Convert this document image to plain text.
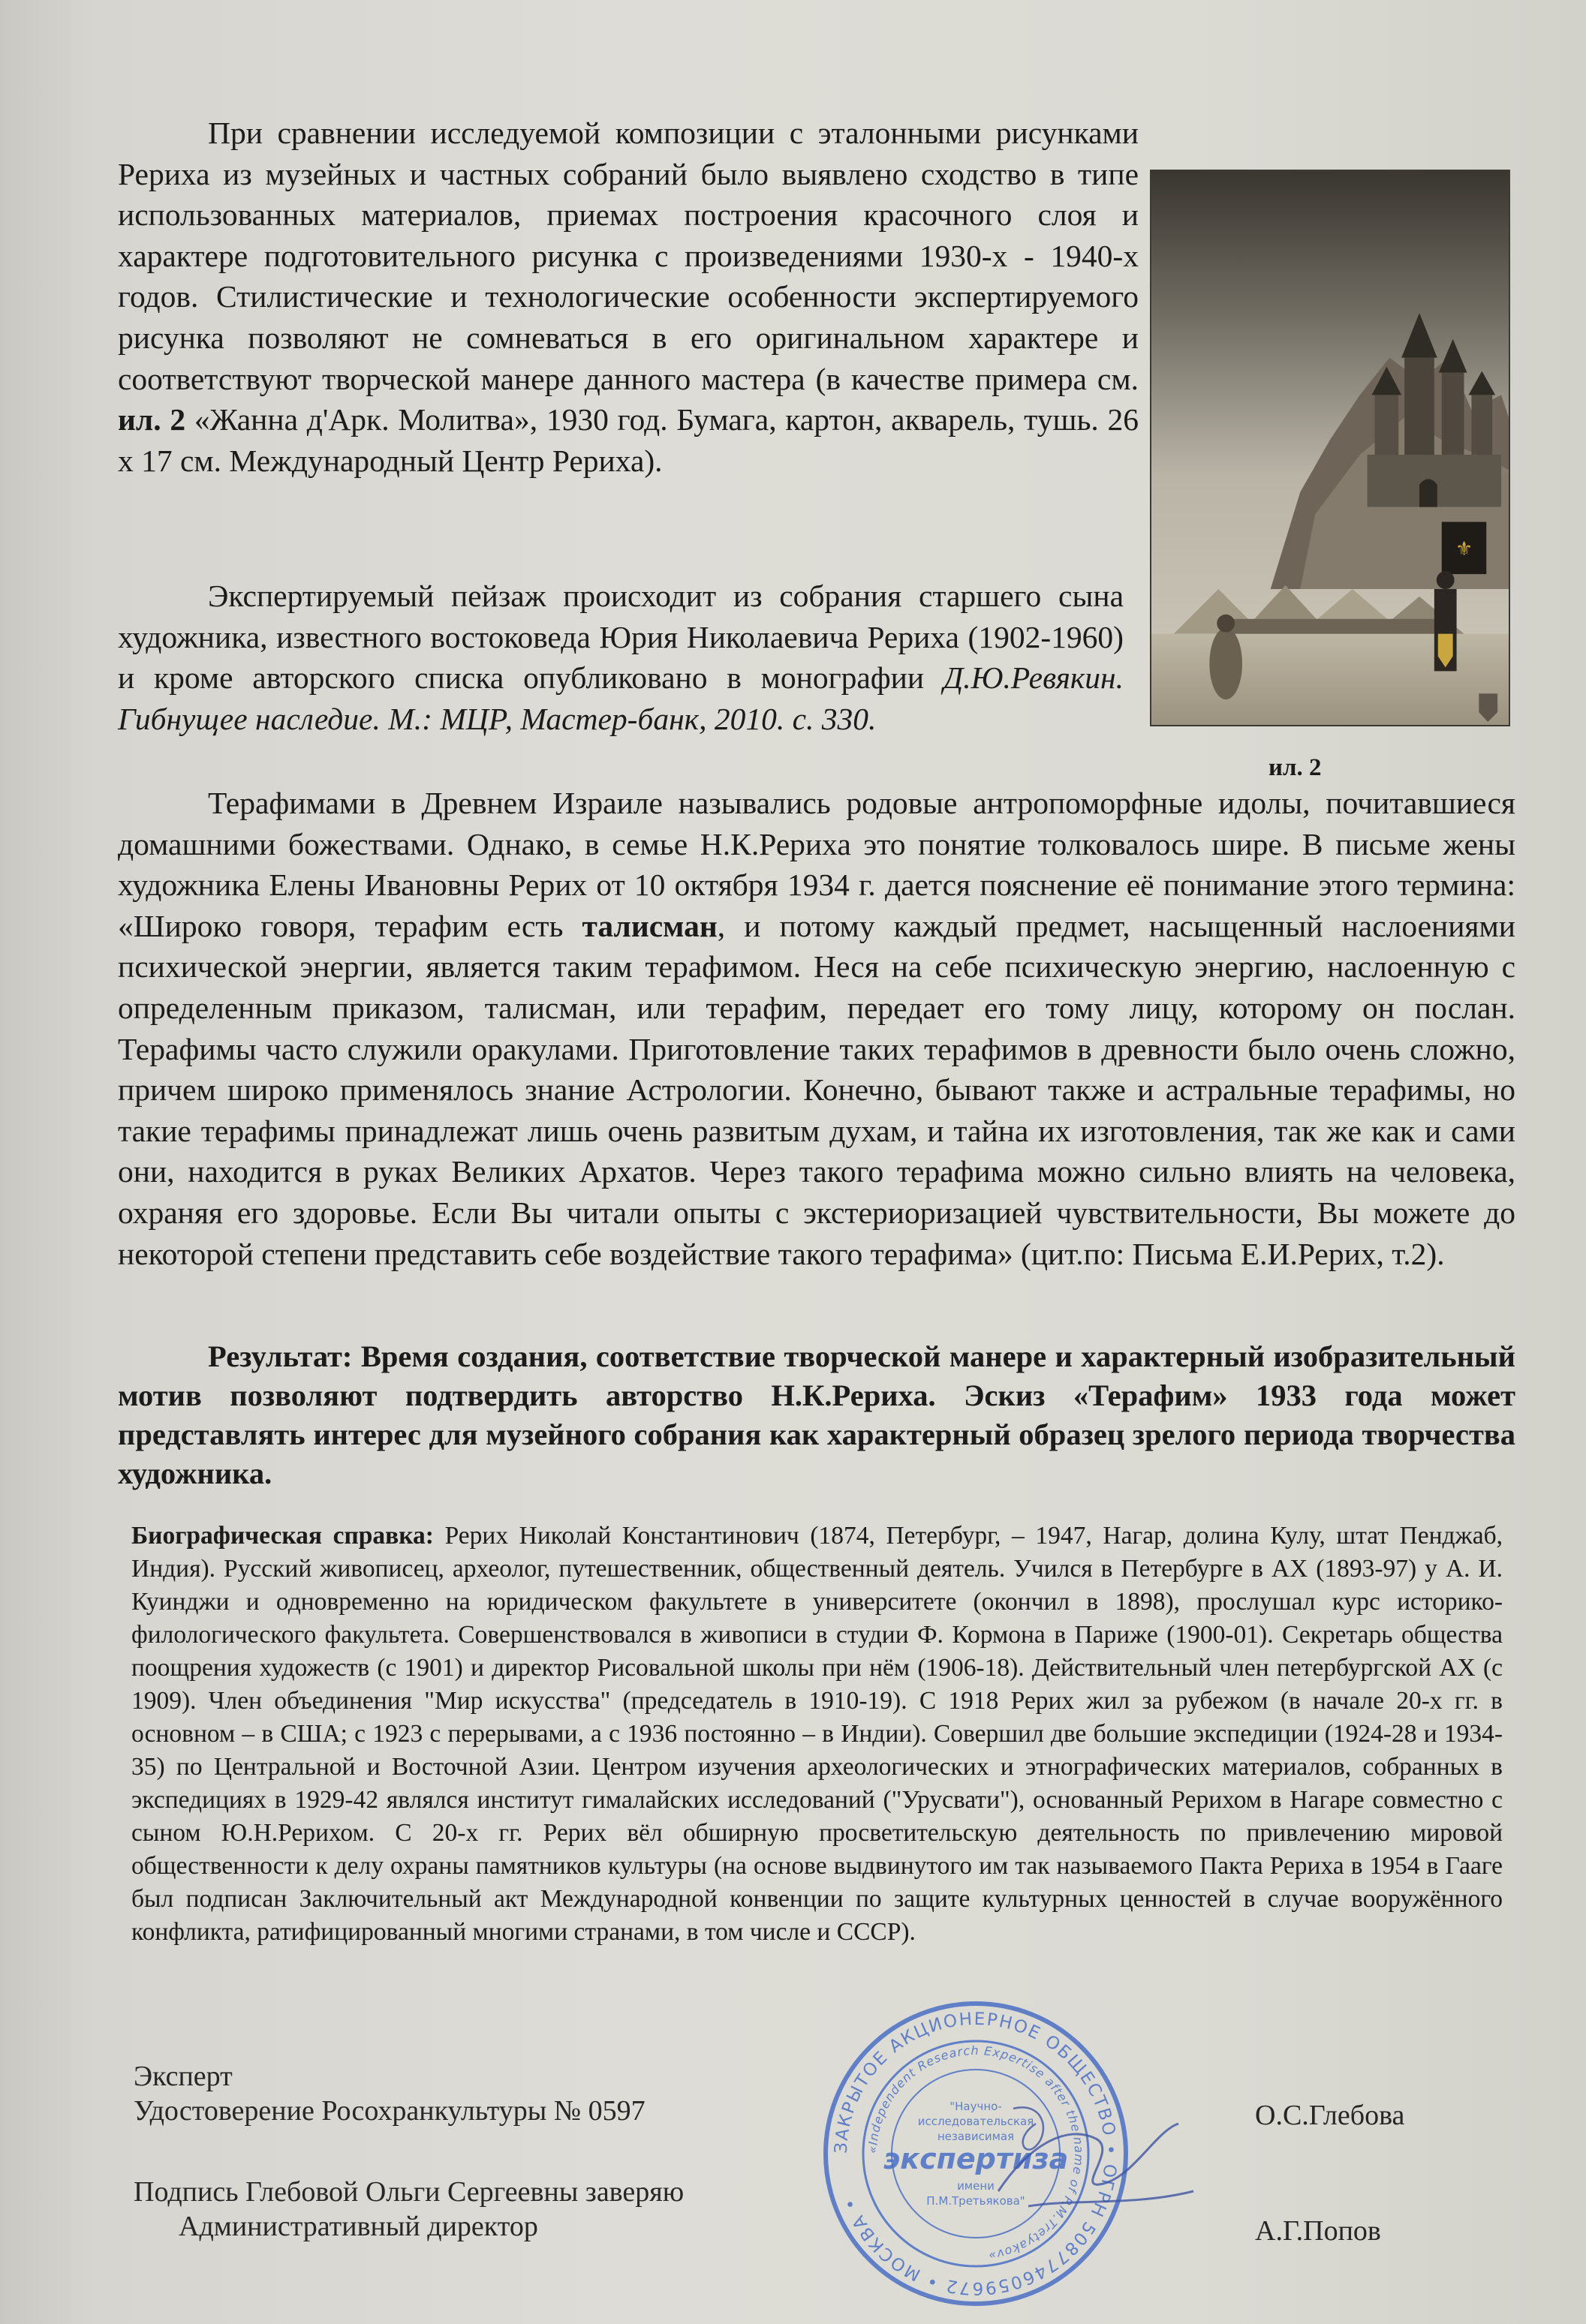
При сравнении исследуемой композиции с эталонными рисунками Рериха из музейных и частных собраний было выявлено сходство в типе использованных материалов, приемах построения красочного слоя и характере подготовительного рисунка с произведениями 1930-х - 1940-х годов. Стилистические и технологические особенности экспертируемого рисунка позволяют не сомневаться в его оригинальном характере и соответствуют творческой манере данного мастера (в качестве примера см. ил. 2 «Жанна д'Арк. Молитва», 1930 год. Бумага, картон, акварель, тушь. 26 х 17 см. Международный Центр Рериха).
Экспертируемый пейзаж происходит из собрания старшего сына художника, известного востоковеда Юрия Николаевича Рериха (1902-1960) и кроме авторского списка опубликовано в монографии Д.Ю.Ревякин. Гибнущее наследие. М.: МЦР, Мастер-банк, 2010. с. 330.
Терафимами в Древнем Израиле назывались родовые антропоморфные идолы, почитавшиеся домашними божествами. Однако, в семье Н.К.Рериха это понятие толковалось шире. В письме жены художника Елены Ивановны Рерих от 10 октября 1934 г. дается пояснение её понимание этого термина: «Широко говоря, терафим есть талисман, и потому каждый предмет, насыщенный наслоениями психической энергии, является таким терафимом. Неся на себе психическую энергию, наслоенную с определенным приказом, талисман, или терафим, передает его тому лицу, которому он послан. Терафимы часто служили оракулами. Приготовление таких терафимов в древности было очень сложно, причем широко применялось знание Астрологии. Конечно, бывают также и астральные терафимы, но такие терафимы принадлежат лишь очень развитым духам, и тайна их изготовления, так же как и сами они, находится в руках Великих Архатов. Через такого терафима можно сильно влиять на человека, охраняя его здоровье. Если Вы читали опыты с экстериоризацией чувствительности, Вы можете до некоторой степени представить себе воздействие такого терафима» (цит.по: Письма Е.И.Рерих, т.2).
Результат: Время создания, соответствие творческой манере и характерный изобразительный мотив позволяют подтвердить авторство Н.К.Рериха. Эскиз «Терафим» 1933 года может представлять интерес для музейного собрания как характерный образец зрелого периода творчества художника.
Биографическая справка: Рерих Николай Константинович (1874, Петербург, – 1947, Нагар, долина Кулу, штат Пенджаб, Индия). Русский живописец, археолог, путешественник, общественный деятель. Учился в Петербурге в АХ (1893-97) у А. И. Куинджи и одновременно на юридическом факультете в университете (окончил в 1898), прослушал курс историко-филологического факультета. Совершенствовался в живописи в студии Ф. Кормона в Париже (1900-01). Секретарь общества поощрения художеств (с 1901) и директор Рисовальной школы при нём (1906-18). Действительный член петербургской АХ (с 1909). Член объединения "Мир искусства" (председатель в 1910-19). С 1918 Рерих жил за рубежом (в начале 20-х гг. в основном – в США; с 1923 с перерывами, а с 1936 постоянно – в Индии). Совершил две большие экспедиции (1924-28 и 1934-35) по Центральной и Восточной Азии. Центром изучения археологических и этнографических материалов, собранных в экспедициях в 1929-42 являлся институт гималайских исследований ("Урусвати"), основанный Рерихом в Нагаре совместно с сыном Ю.Н.Рерихом. С 20-х гг. Рерих вёл обширную просветительскую деятельность по привлечению мировой общественности к делу охраны памятников культуры (на основе выдвинутого им так называемого Пакта Рериха в 1954 в Гааге был подписан Заключительный акт Международной конвенции по защите культурных ценностей в случае вооружённого конфликта, ратифицированный многими странами, в том числе и СССР).
⚜
ил. 2
Эксперт
Удостоверение Росохранкультуры № 0597	О.С.Глебова
Подпись Глебовой Ольги Сергеевны заверяю
Административный директор	А.Г.Попов
ЗАКРЫТОЕ АКЦИОНЕРНОЕ ОБЩЕСТВО • ОГРН 5087746059672 • МОСКВА •
«Independent Research Expertise after the name of P.M.Tretyakov»
"Научно-
исследовательская
независимая
экспертиза
имени
П.М.Третьякова"
